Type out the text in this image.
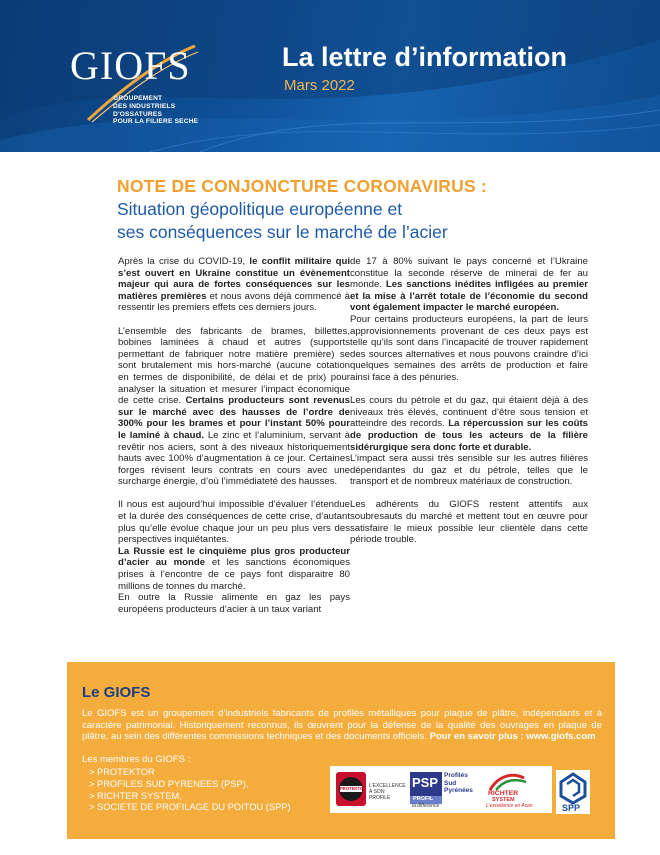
GIOFS
GROUPEMENT
DES INDUSTRIELS
D'OSSATURES
POUR LA FILIERE SECHE
La lettre d’information
Mars 2022
NOTE DE CONJONCTURE CORONAVIRUS :
Situation géopolitique européenne et
ses conséquences sur le marché de l’acier

Après la crise du COVID-19, le conflit militaire qui s’est ouvert en Ukraine constitue un évènement majeur qui aura de fortes conséquences sur les matières premières et nous avons déjà commencé à ressentir les premiers effets ces derniers jours.

L’ensemble des fabricants de brames, billettes, bobines laminées à chaud et autres (supports permettant de fabriquer notre matière première) se sont brutalement mis hors-marché (aucune cotation en termes de disponibilité, de délai et de prix) pour analyser la situation et mesurer l’impact économique de cette crise. Certains producteurs sont revenus sur le marché avec des hausses de l’ordre de 300% pour les brames et pour l’instant 50% pour le laminé à chaud. Le zinc et l’aluminium, servant à revêtir nos aciers, sont à des niveaux historiquement hauts avec 100% d’augmentation à ce jour. Certaines forges révisent leurs contrats en cours avec une surcharge énergie, d’où l’immédiateté des hausses.

Il nous est aujourd’hui impossible d’évaluer l’étendue et la durée des conséquences de cette crise, d’autant plus qu’elle évolue chaque jour un peu plus vers des perspectives inquiétantes.

La Russie est le cinquième plus gros producteur d’acier au monde et les sanctions économiques prises à l’encontre de ce pays font disparaitre 80 millions de tonnes du marché.

En outre la Russie alimente en gaz les pays européens producteurs d’acier à un taux variant

de 17 à 80% suivant le pays concerné et l’Ukraine constitue la seconde réserve de minerai de fer au monde. Les sanctions inédites infligées au premier et la mise à l’arrêt totale de l’économie du second vont également impacter le marché européen.

Pour certains producteurs européens, la part de leurs approvisionnements provenant de ces deux pays est telle qu’ils sont dans l’incapacité de trouver rapidement des sources alternatives et nous pouvons craindre d’ici quelques semaines des arrêts de production et faire ainsi face à des pénuries.

Les cours du pétrole et du gaz, qui étaient déjà à des niveaux très élevés, continuent d’être sous tension et atteindre des records. La répercussion sur les coûts de production de tous les acteurs de la filière sidérurgique sera donc forte et durable.

L’impact sera aussi très sensible sur les autres filières dépendantes du gaz et du pétrole, telles que le transport et de nombreux matériaux de construction.

Les adhérents du GIOFS restent attentifs aux soubresauts du marché et mettent tout en œuvre pour satisfaire le mieux possible leur clientèle dans cette période trouble.

Le GIOFS
Le GIOFS est un groupement d’industriels fabricants de profilés métalliques pour plaque de plâtre, indépendants et à caractère patrimonial. Historiquement reconnus, ils œuvrent pour la défense de la qualité des ouvrages en plaque de plâtre, au sein des différentes commissions techniques et des documents officiels. Pour en savoir plus : www.giofs.com
Les membres du GIOFS :
> PROTEKTOR
> PROFILES SUD PYRENEES (PSP),
> RICHTER SYSTEM,
> SOCIETE DE PROFILAGE DU POITOU (SPP)
PROTEKTOR L’EXCELLENCE
À SON PROFILE
PSP
PROFIL
Profilés
Sud
Pyrénées
la différence
RICHTER
SYSTEM
L’excellence en Acier	SPP
